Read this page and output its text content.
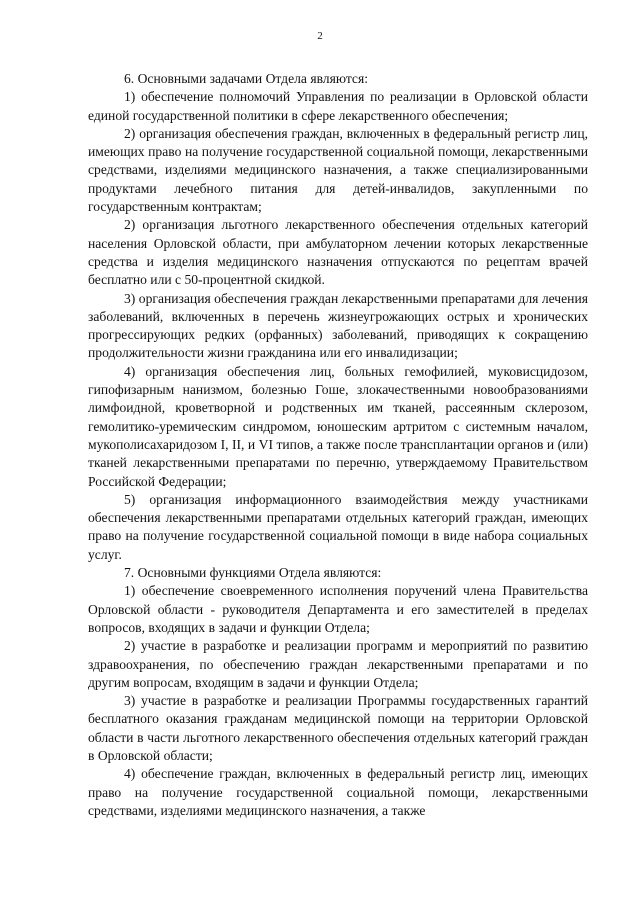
2

6. Основными задачами Отдела являются:

1) обеспечение полномочий Управления по реализации в Орловской области единой государственной политики в сфере лекарственного обеспечения;

2) организация обеспечения граждан, включенных в федеральный регистр лиц, имеющих право на получение государственной социальной помощи, лекарственными средствами, изделиями медицинского назначения, а также специализированными продуктами лечебного питания для детей-инвалидов, закупленными по государственным контрактам;

2) организация льготного лекарственного обеспечения отдельных категорий населения Орловской области, при амбулаторном лечении которых лекарственные средства и изделия медицинского назначения отпускаются по рецептам врачей бесплатно или с 50-процентной скидкой.

3) организация обеспечения граждан лекарственными препаратами для лечения заболеваний, включенных в перечень жизнеугрожающих острых и хронических прогрессирующих редких (орфанных) заболеваний, приводящих к сокращению продолжительности жизни гражданина или его инвалидизации;

4) организация обеспечения лиц, больных гемофилией, муковисцидозом, гипофизарным нанизмом, болезнью Гоше, злокачественными новообразованиями лимфоидной, кроветворной и родственных им тканей, рассеянным склерозом, гемолитико-уремическим синдромом, юношеским артритом с системным началом, мукополисахаридозом I, II, и VI типов, а также после трансплантации органов и (или) тканей лекарственными препаратами по перечню, утверждаемому Правительством Российской Федерации;

5) организация информационного взаимодействия между участниками обеспечения лекарственными препаратами отдельных категорий граждан, имеющих право на получение государственной социальной помощи в виде набора социальных услуг.

7. Основными функциями Отдела являются:

1) обеспечение своевременного исполнения поручений члена Правительства Орловской области - руководителя Департамента и его заместителей в пределах вопросов, входящих в задачи и функции Отдела;

2) участие в разработке и реализации программ и мероприятий по развитию здравоохранения, по обеспечению граждан лекарственными препаратами и по другим вопросам, входящим в задачи и функции Отдела;

3) участие в разработке и реализации Программы государственных гарантий бесплатного оказания гражданам медицинской помощи на территории Орловской области в части льготного лекарственного обеспечения отдельных категорий граждан в Орловской области;

4) обеспечение граждан, включенных в федеральный регистр лиц, имеющих право на получение государственной социальной помощи, лекарственными средствами, изделиями медицинского назначения, а также
